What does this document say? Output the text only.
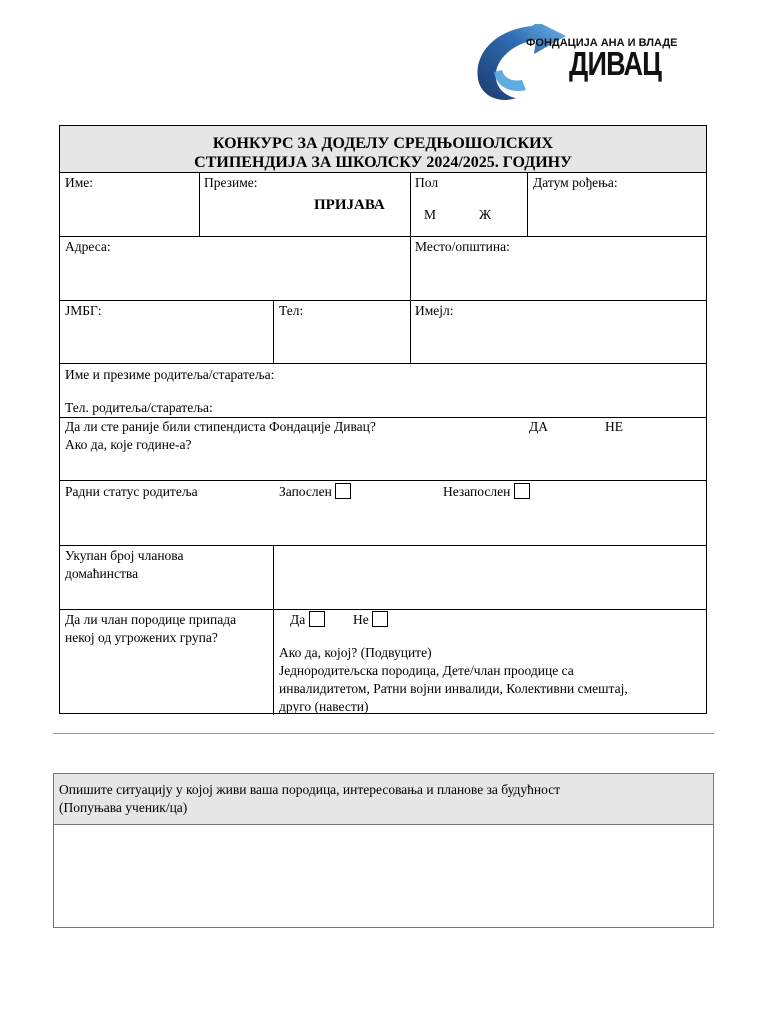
ФОНДАЦИЈА АНА И ВЛАДЕ
ДИВАЦ
КОНКУРС ЗА ДОДЕЛУ СРЕДЊОШОЛСКИХ
СТИПЕНДИЈА ЗА ШКОЛСКУ 2024/2025. ГОДИНУ
Име:	Презиме:
ПРИЈАВА
Пол
М	Ж
Датум рођења:
Адреса:	Место/општина:
ЈМБГ:	Тел:	Имејл:
Име и презиме родитеља/старатеља:
Тел. родитеља/старатеља:
Да ли сте раније били стипендиста Фондације Дивац?	ДА	НЕ
Ако да, које године-а?
Радни статус родитеља	Запослен	Незапослен
Укупан број чланова
домаћинства
Да ли члан породице припада
некој од угрожених група?
Да	Не
Ако да, којој? (Подвуците)
Једнородитељска породица, Дете/члан проодице са
инвалидитетом, Ратни војни инвалиди, Колективни смештај,
друго (навести)
Опишите ситуацију у којој живи ваша породица, интересовања и планове за будућност
(Попуњава ученик/ца)
